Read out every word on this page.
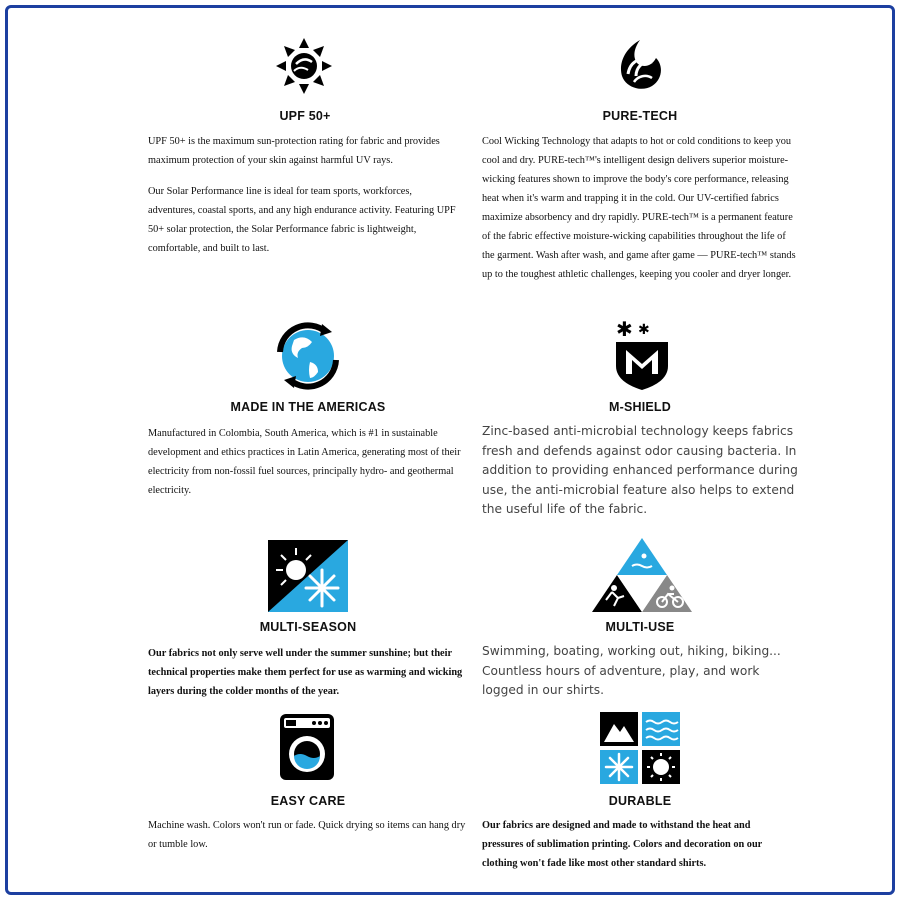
UPF 50+

UPF 50+ is the maximum sun-protection rating for fabric and provides maximum protection of your skin against harmful UV rays.

Our Solar Performance line is ideal for team sports, workforces, adventures, coastal sports, and any high endurance activity. Featuring UPF 50+ solar protection, the Solar Performance fabric is lightweight, comfortable, and built to last.

PURE-TECH

Cool Wicking Technology that adapts to hot or cold conditions to keep you cool and dry. PURE-tech™'s intelligent design delivers superior moisture-wicking features shown to improve the body's core performance, releasing heat when it's warm and trapping it in the cold. Our UV-certified fabrics maximize absorbency and dry rapidly. PURE-tech™ is a permanent feature of the fabric effective moisture-wicking capabilities throughout the life of the garment. Wash after wash, and game after game — PURE-tech™ stands up to the toughest athletic challenges, keeping you cooler and dryer longer.

MADE IN THE AMERICAS

Manufactured in Colombia, South America, which is #1 in sustainable development and ethics practices in Latin America, generating most of their electricity from non-fossil fuel sources, principally hydro- and geothermal electricity.

✱ ✱
M-SHIELD

Zinc-based anti-microbial technology keeps fabrics fresh and defends against odor causing bacteria. In addition to providing enhanced performance during use, the anti-microbial feature also helps to extend the useful life of the fabric.

MULTI-SEASON

Our fabrics not only serve well under the summer sunshine; but their technical properties make them perfect for use as warming and wicking layers during the colder months of the year.

MULTI-USE

Swimming, boating, working out, hiking, biking... Countless hours of adventure, play, and work logged in our shirts.

EASY CARE

Machine wash. Colors won't run or fade. Quick drying so items can hang dry or tumble low.

DURABLE

Our fabrics are designed and made to withstand the heat and pressures of sublimation printing. Colors and decoration on our clothing won't fade like most other standard shirts.
